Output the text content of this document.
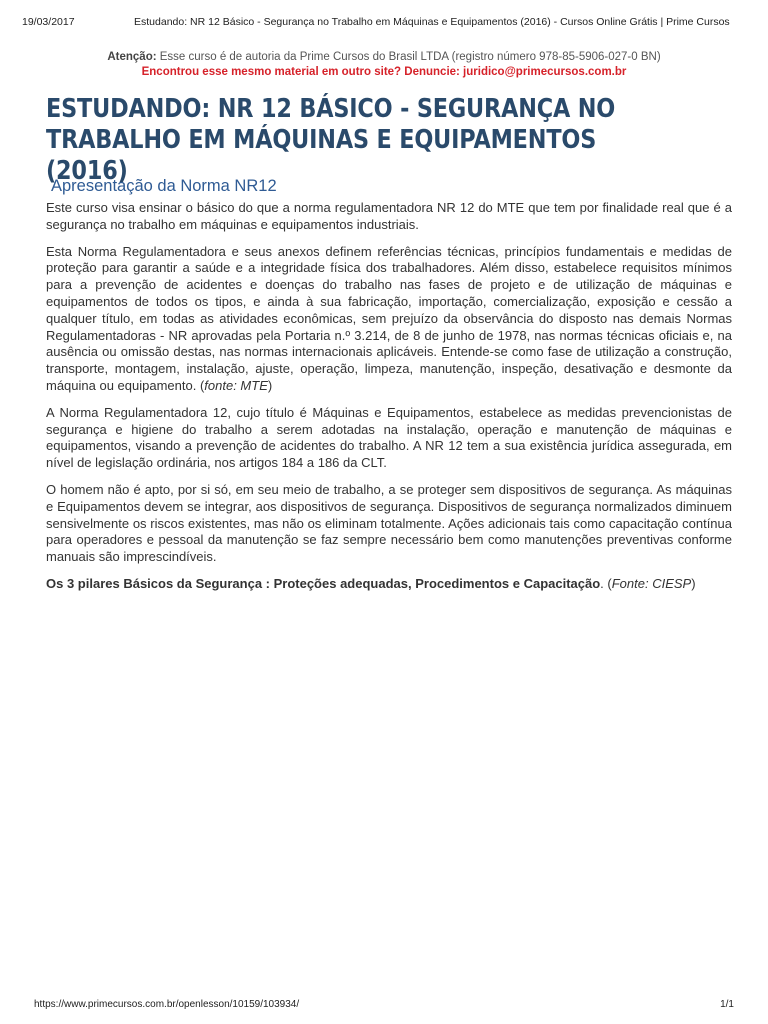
19/03/2017	Estudando: NR 12 Básico - Segurança no Trabalho em Máquinas e Equipamentos (2016) - Cursos Online Grátis | Prime Cursos
Atenção: Esse curso é de autoria da Prime Cursos do Brasil LTDA (registro número 978-85-5906-027-0 BN)
Encontrou esse mesmo material em outro site? Denuncie: juridico@primecursos.com.br
ESTUDANDO: NR 12 BÁSICO - SEGURANÇA NO TRABALHO EM MÁQUINAS E EQUIPAMENTOS (2016)
Apresentação da Norma NR12

Este curso visa ensinar o básico do que a norma regulamentadora NR 12 do MTE que tem por finalidade real que é a segurança no trabalho em máquinas e equipamentos industriais.

Esta Norma Regulamentadora e seus anexos definem referências técnicas, princípios fundamentais e medidas de proteção para garantir a saúde e a integridade física dos trabalhadores. Além disso, estabelece requisitos mínimos para a prevenção de acidentes e doenças do trabalho nas fases de projeto e de utilização de máquinas e equipamentos de todos os tipos, e ainda à sua fabricação, importação, comercialização, exposição e cessão a qualquer título, em todas as atividades econômicas, sem prejuízo da observância do disposto nas demais Normas Regulamentadoras - NR aprovadas pela Portaria n.º 3.214, de 8 de junho de 1978, nas normas técnicas oficiais e, na ausência ou omissão destas, nas normas internacionais aplicáveis. Entende-se como fase de utilização a construção, transporte, montagem, instalação, ajuste, operação, limpeza, manutenção, inspeção, desativação e desmonte da máquina ou equipamento. (fonte: MTE)

A Norma Regulamentadora 12, cujo título é Máquinas e Equipamentos, estabelece as medidas prevencionistas de segurança e higiene do trabalho a serem adotadas na instalação, operação e manutenção de máquinas e equipamentos, visando a prevenção de acidentes do trabalho. A NR 12 tem a sua existência jurídica assegurada, em nível de legislação ordinária, nos artigos 184 a 186 da CLT.

O homem não é apto, por si só, em seu meio de trabalho, a se proteger sem dispositivos de segurança. As máquinas e Equipamentos devem se integrar, aos dispositivos de segurança. Dispositivos de segurança normalizados diminuem sensivelmente os riscos existentes, mas não os eliminam totalmente. Ações adicionais tais como capacitação contínua para operadores e pessoal da manutenção se faz sempre necessário bem como manutenções preventivas conforme manuais são imprescindíveis.

Os 3 pilares Básicos da Segurança : Proteções adequadas, Procedimentos e Capacitação. (Fonte: CIESP)

https://www.primecursos.com.br/openlesson/10159/103934/	1/1
